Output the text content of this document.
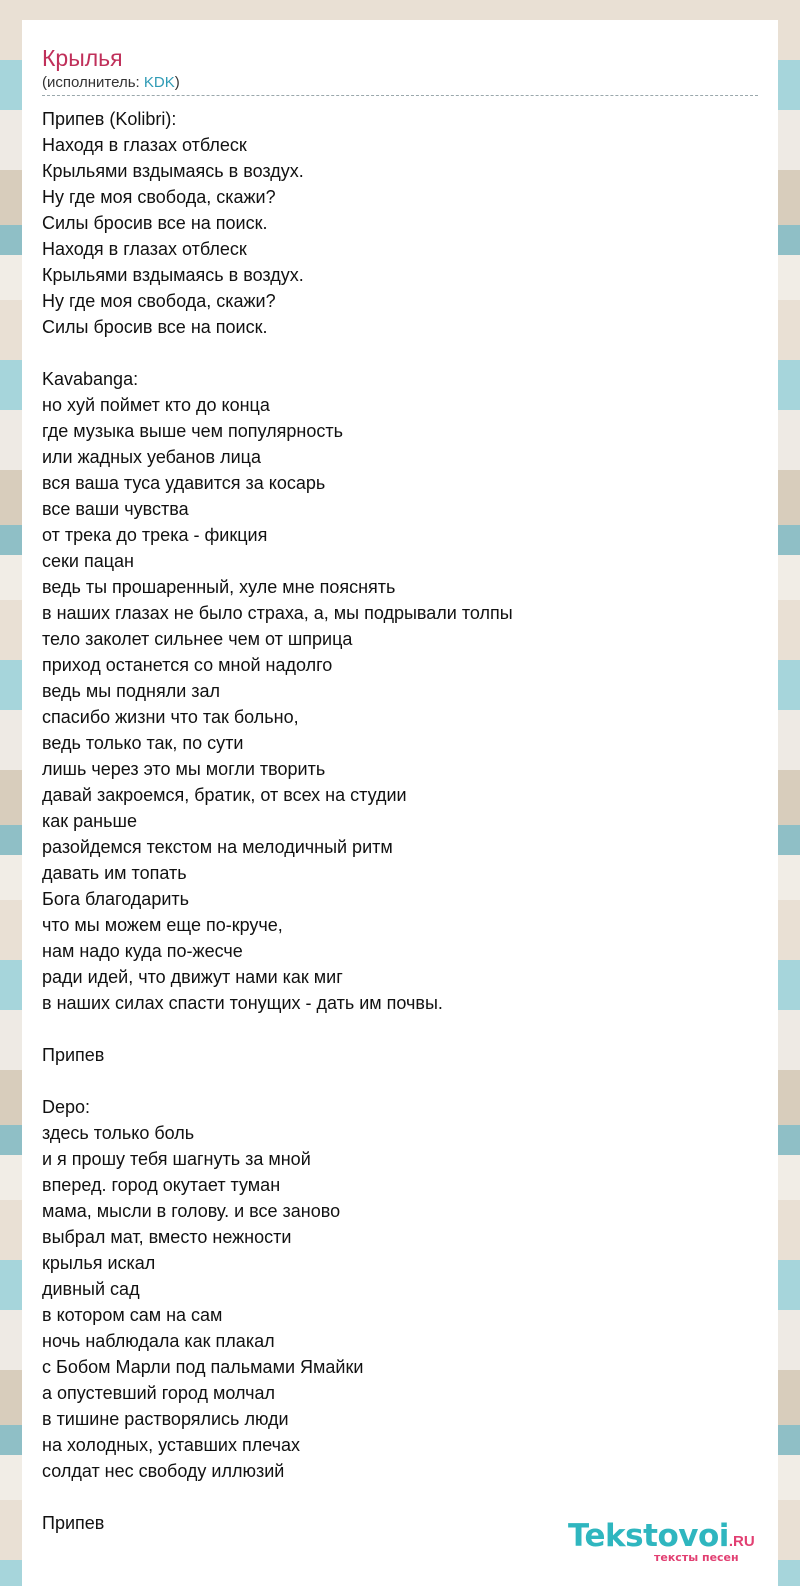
Крылья
(исполнитель: KDK)
Припев (Kolibri):
Находя в глазах отблеск
Крыльями вздымаясь в воздух.
Ну где моя свобода, скажи?
Силы бросив все на поиск.
Находя в глазах отблеск
Крыльями вздымаясь в воздух.
Ну где моя свобода, скажи?
Силы бросив все на поиск.
Kavabanga:
но хуй поймет кто до конца
где музыка выше чем популярность
или жадных уебанов лица
вся ваша туса удавится за косарь
все ваши чувства
от трека до трека - фикция
секи пацан
ведь ты прошаренный, хуле мне пояснять
в наших глазах не было страха, а, мы подрывали толпы
тело заколет сильнее чем от шприца
приход останется со мной надолго
ведь мы подняли зал
спасибо жизни что так больно,
ведь только так, по сути
лишь через это мы могли творить
давай закроемся, братик, от всех на студии
как раньше
разойдемся текстом на мелодичный ритм
давать им топать
Бога благодарить
что мы можем еще по-круче,
нам надо куда по-жесче
ради идей, что движут нами как миг
в наших силах спасти тонущих - дать им почвы.
Припев
Depo:
здесь только боль
и я прошу тебя шагнуть за мной
вперед. город окутает туман
мама, мысли в голову. и все заново
выбрал мат, вместо нежности
крылья искал
дивный сад
в котором сам на сам
ночь наблюдала как плакал
с Бобом Марли под пальмами Ямайки
а опустевший город молчал
в тишине растворялись люди
на холодных, уставших плечах
солдат нес свободу иллюзий
Припев	Tekstovoi.RU
тексты песен
